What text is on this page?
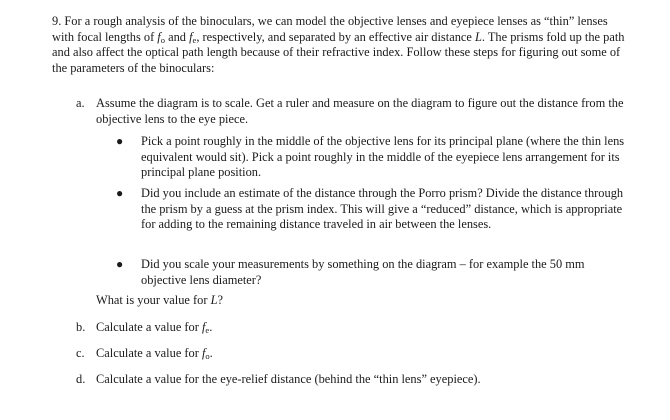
9. For a rough analysis of the binoculars, we can model the objective lenses and eyepiece lenses as “thin” lenses with focal lengths of $f_o$ and $f_e$, respectively, and separated by an effective air distance L. The prisms fold up the path and also affect the optical path length because of their refractive index. Follow these steps for figuring out some of the parameters of the binoculars:

a. Assume the diagram is to scale. Get a ruler and measure on the diagram to figure out the distance from the objective lens to the eye piece.
● Pick a point roughly in the middle of the objective lens for its principal plane (where the thin lens equivalent would sit). Pick a point roughly in the middle of the eyepiece lens arrangement for its principal plane position.
● Did you include an estimate of the distance through the Porro prism? Divide the distance through the prism by a guess at the prism index. This will give a “reduced” distance, which is appropriate for adding to the remaining distance traveled in air between the lenses.
● Did you scale your measurements by something on the diagram – for example the 50 mm objective lens diameter?
What is your value for L?
b. Calculate a value for $f_e$.
c. Calculate a value for $f_o$.
d. Calculate a value for the eye-relief distance (behind the “thin lens” eyepiece).
